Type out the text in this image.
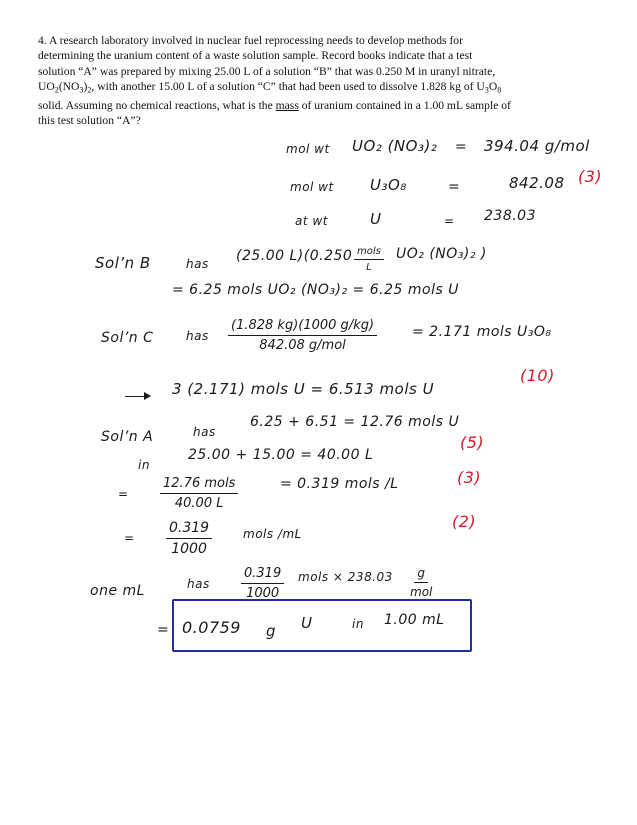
4. A research laboratory involved in nuclear fuel reprocessing needs to develop methods for

determining the uranium content of a waste solution sample. Record books indicate that a test

solution “A” was prepared by mixing 25.00 L of a solution “B” that was 0.250 M in uranyl nitrate,

$UO_2(NO_3)_2$, with another 15.00 L of a solution “C” that had been used to dissolve 1.828 kg of $U_3O_8$

solid. Assuming no chemical reactions, what is the mass of uranium contained in a 1.00 mL sample of

this test solution “A”?

mol wt UO₂ (NO₃)₂ = 394.04 g/mol
mol wt U₃O₈	=	842.08 (3)
at wt	U	= 238.03
Sol’n B	has (25.00 L)(0.250 mols
L
UO₂ (NO₃)₂ )
= 6.25 mols UO₂ (NO₃)₂ = 6.25 mols U
Sol’n C	has
(1.828 kg)(1000 g/kg)
842.08 g/mol
= 2.171 mols U₃O₈
3 (2.171) mols U = 6.513 mols U
(10)
Sol’n A	has
6.25 + 6.51 = 12.76 mols U
in
25.00 + 15.00 = 40.00 L
(5)
=
12.76 mols
40.00 L
= 0.319 mols /L	(3)
= $\frac{0.319}{1000}$	mols /mL
(2)
one mL	has $\frac{0.319}{1000}$ mols × 238.03 g
mol
= 0.0759 g U	in 1.00 mL
